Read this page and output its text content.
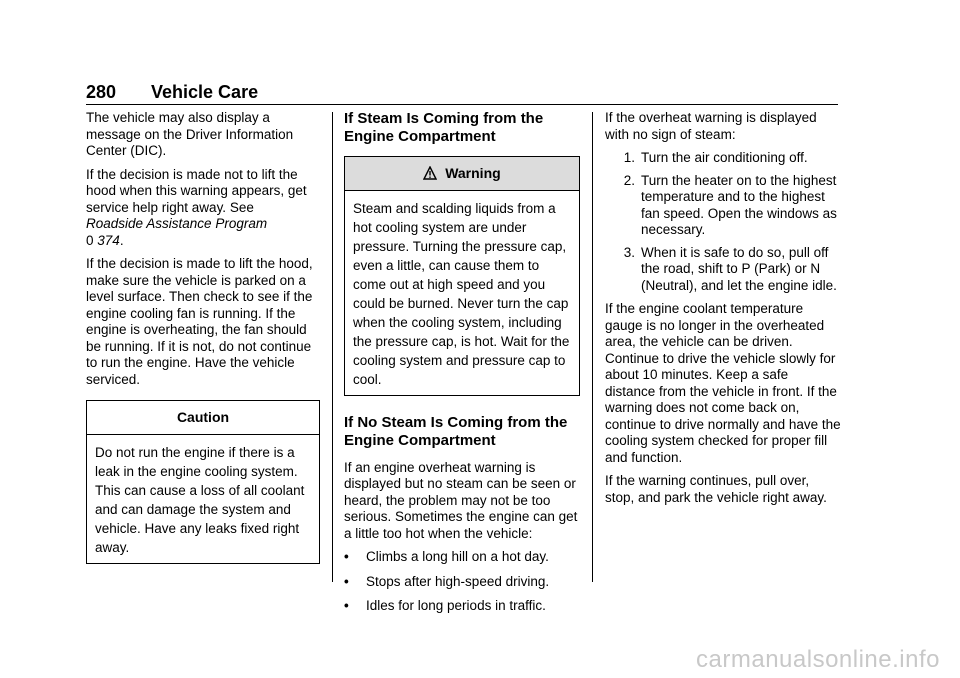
280 Vehicle Care

The vehicle may also display a message on the Driver Information Center (DIC).

If the decision is made not to lift the hood when this warning appears, get service help right away. See
Roadside Assistance Program
0 374.

If the decision is made to lift the hood, make sure the vehicle is parked on a level surface. Then check to see if the engine cooling fan is running. If the engine is overheating, the fan should be running. If it is not, do not continue to run the engine. Have the vehicle serviced.

Caution
Do not run the engine if there is a leak in the engine cooling system. This can cause a loss of all coolant and can damage the system and vehicle. Have any leaks fixed right away.
If Steam Is Coming from the Engine Compartment
Warning
Steam and scalding liquids from a hot cooling system are under pressure. Turning the pressure cap, even a little, can cause them to come out at high speed and you could be burned. Never turn the cap when the cooling system, including the pressure cap, is hot. Wait for the cooling system and pressure cap to cool.
If No Steam Is Coming from the Engine Compartment

If an engine overheat warning is displayed but no steam can be seen or heard, the problem may not be too serious. Sometimes the engine can get a little too hot when the vehicle:

•	Climbs a long hill on a hot day.
•	Stops after high-speed driving.
•	Idles for long periods in traffic.

If the overheat warning is displayed with no sign of steam:

1. Turn the air conditioning off.
2. Turn the heater on to the highest temperature and to the highest fan speed. Open the windows as necessary.
3. When it is safe to do so, pull off the road, shift to P (Park) or N (Neutral), and let the engine idle.

If the engine coolant temperature gauge is no longer in the overheated area, the vehicle can be driven. Continue to drive the vehicle slowly for about 10 minutes. Keep a safe distance from the vehicle in front. If the warning does not come back on, continue to drive normally and have the cooling system checked for proper fill and function.

If the warning continues, pull over, stop, and park the vehicle right away.

carmanualsonline.info
